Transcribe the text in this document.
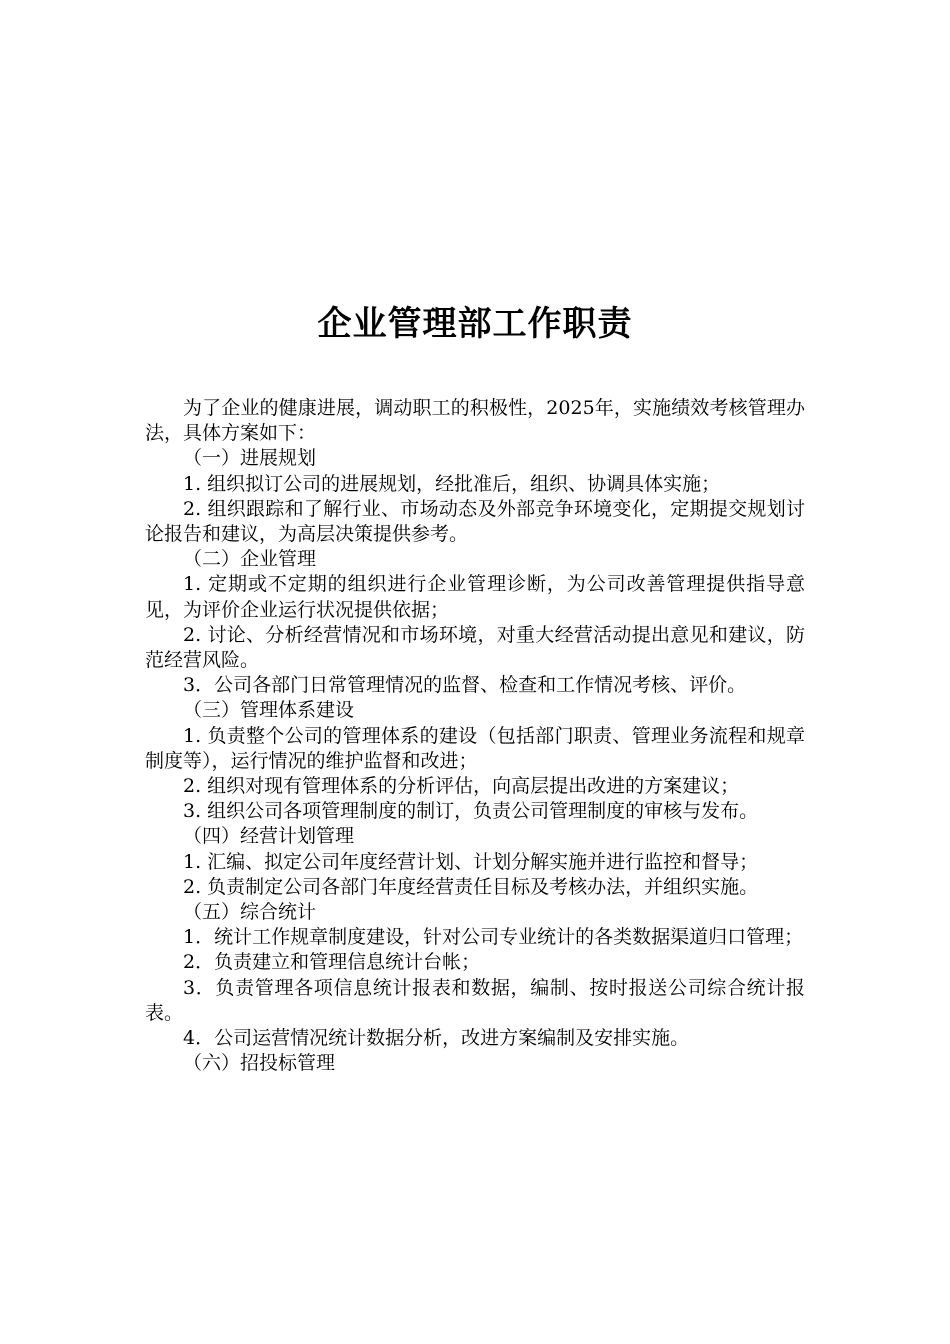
企业管理部工作职责

为了企业的健康进展，调动职工的积极性，2025年，实施绩效考核管理办法，具体方案如下：

（一）进展规划

1. 组织拟订公司的进展规划，经批准后，组织、协调具体实施；

2. 组织跟踪和了解行业、市场动态及外部竞争环境变化，定期提交规划讨论报告和建议，为高层决策提供参考。

（二）企业管理

1. 定期或不定期的组织进行企业管理诊断，为公司改善管理提供指导意见，为评价企业运行状况提供依据；

2. 讨论、分析经营情况和市场环境，对重大经营活动提出意见和建议，防范经营风险。

3．公司各部门日常管理情况的监督、检查和工作情况考核、评价。

（三）管理体系建设

1. 负责整个公司的管理体系的建设（包括部门职责、管理业务流程和规章制度等），运行情况的维护监督和改进；

2. 组织对现有管理体系的分析评估，向高层提出改进的方案建议；

3. 组织公司各项管理制度的制订，负责公司管理制度的审核与发布。

（四）经营计划管理

1. 汇编、拟定公司年度经营计划、计划分解实施并进行监控和督导；

2. 负责制定公司各部门年度经营责任目标及考核办法，并组织实施。

（五）综合统计

1．统计工作规章制度建设，针对公司专业统计的各类数据渠道归口管理；

2．负责建立和管理信息统计台帐；

3．负责管理各项信息统计报表和数据，编制、按时报送公司综合统计报表。

4．公司运营情况统计数据分析，改进方案编制及安排实施。

（六）招投标管理
